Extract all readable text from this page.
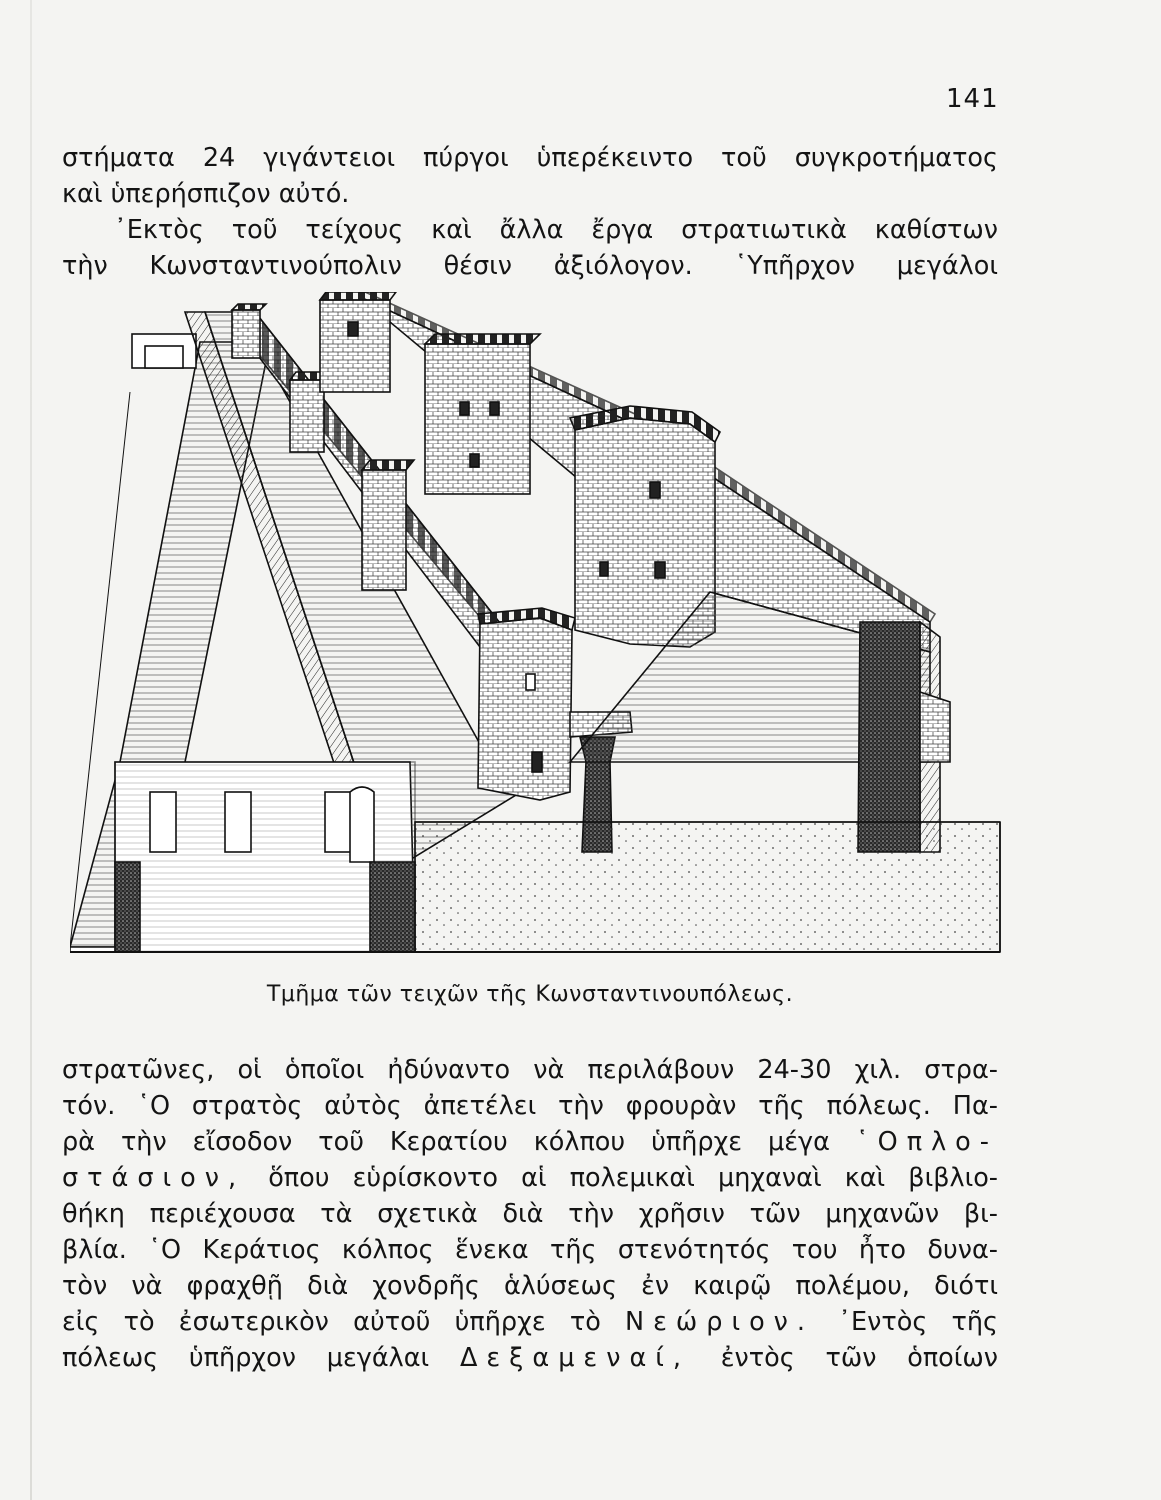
141
στήματα 24 γιγάντειοι πύργοι ὑπερέκειντο τοῦ συγκροτήματος
καὶ ὑπερήσπιζον αὐτό.
᾿Εκτὸς τοῦ τείχους καὶ ἄλλα ἔργα στρατιωτικὰ καθίστων
τὴν Κωνσταντινούπολιν θέσιν ἀξιόλογον. ῾Υπῆρχον μεγάλοι
Τμῆμα τῶν τειχῶν τῆς Κωνσταντινουπόλεως.
στρατῶνες, οἱ ὁποῖοι ἠδύναντο νὰ περιλάβουν 24-30 χιλ. στρα-
τόν. ῾Ο στρατὸς αὐτὸς ἀπετέλει τὴν φρουρὰν τῆς πόλεως. Πα-
ρὰ τὴν εἴσοδον τοῦ Κερατίου κόλπου ὑπῆρχε μέγα ῾Οπλο-
στάσιον, ὅπου εὑρίσκοντο αἱ πολεμικαὶ μηχαναὶ καὶ βιβλιο-
θήκη περιέχουσα τὰ σχετικὰ διὰ τὴν χρῆσιν τῶν μηχανῶν βι-
βλία. ῾Ο Κεράτιος κόλπος ἕνεκα τῆς στενότητός του ἦτο δυνα-
τὸν νὰ φραχθῇ διὰ χονδρῆς ἁλύσεως ἐν καιρῷ πολέμου, διότι
εἰς τὸ ἐσωτερικὸν αὐτοῦ ὑπῆρχε τὸ Νεώριον. ᾿Εντὸς τῆς
πόλεως ὑπῆρχον μεγάλαι Δεξαμεναί, ἐντὸς τῶν ὁποίων
